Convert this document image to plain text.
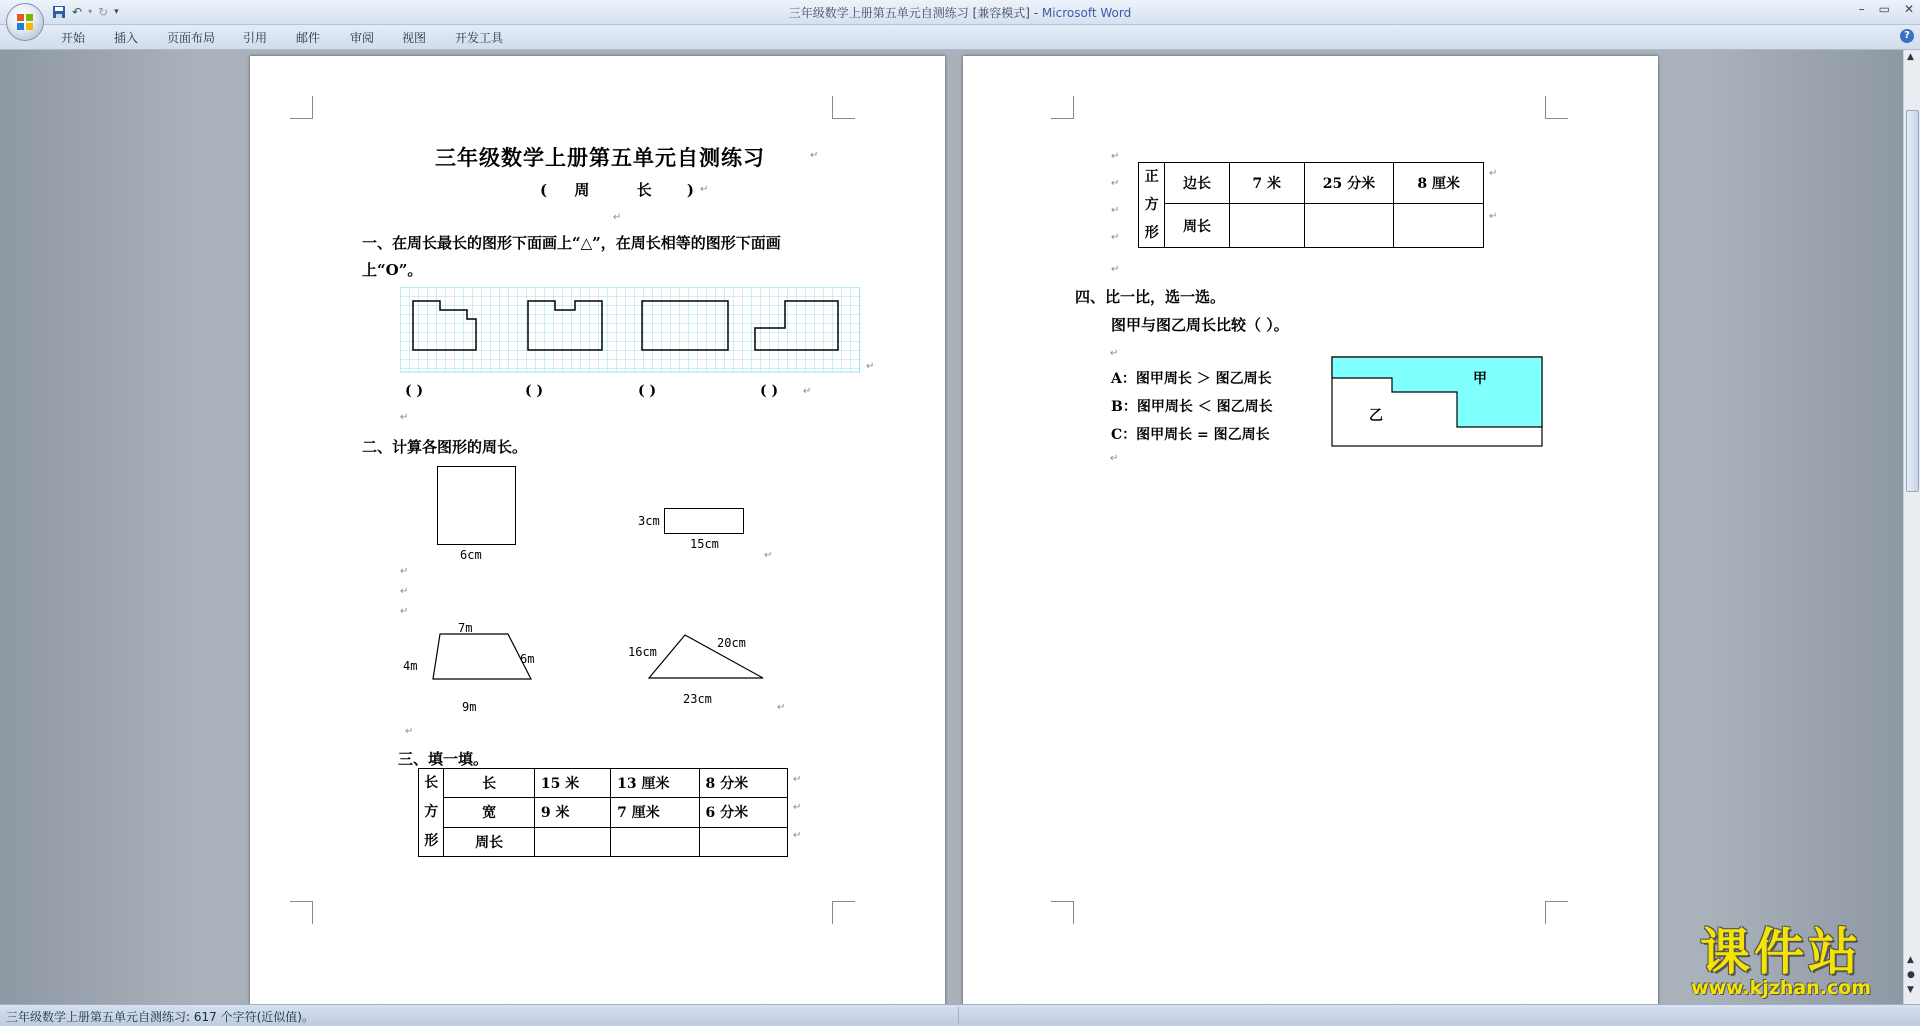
↶ ▾ ↻ ▾	三年级数学上册第五单元自测练习 [兼容模式] - Microsoft Word	– ▭ ✕
开始 插入 页面布局 引用 邮件 审阅 视图 开发工具	?
三年级数学上册第五单元自测练习	↵
( 周	长 ) ↵
↵
一、在周长最长的图形下面画上“△”，在周长相等的图形下面画
上“O”。
↵
( )	( )	( )	( ) ↵
↵
二、计算各图形的周长。
6cm
3cm
15cm
↵
↵
↵
↵
7m
4m	6m
9m
16cm
20cm
23cm
↵
↵
三、填一填。
长
方
形	长	15 米	13 厘米	8 分米
	宽	9 米	7 厘米	6 分米
	周长			
↵
↵
↵
↵
↵
↵
↵
↵
正
方
形	边长	7 米	25 分米	8 厘米
	周长			
↵
↵
四、比一比，选一选。
图甲与图乙周长比较（ ）。
↵
A：图甲周长 ＞ 图乙周长
B：图甲周长 ＜ 图乙周长
C：图甲周长 = 图乙周长
↵
甲
乙
▲
▲
●
▼
三年级数学上册第五单元自测练习: 617 个字符(近似值)。
课件站
www.kjzhan.com
